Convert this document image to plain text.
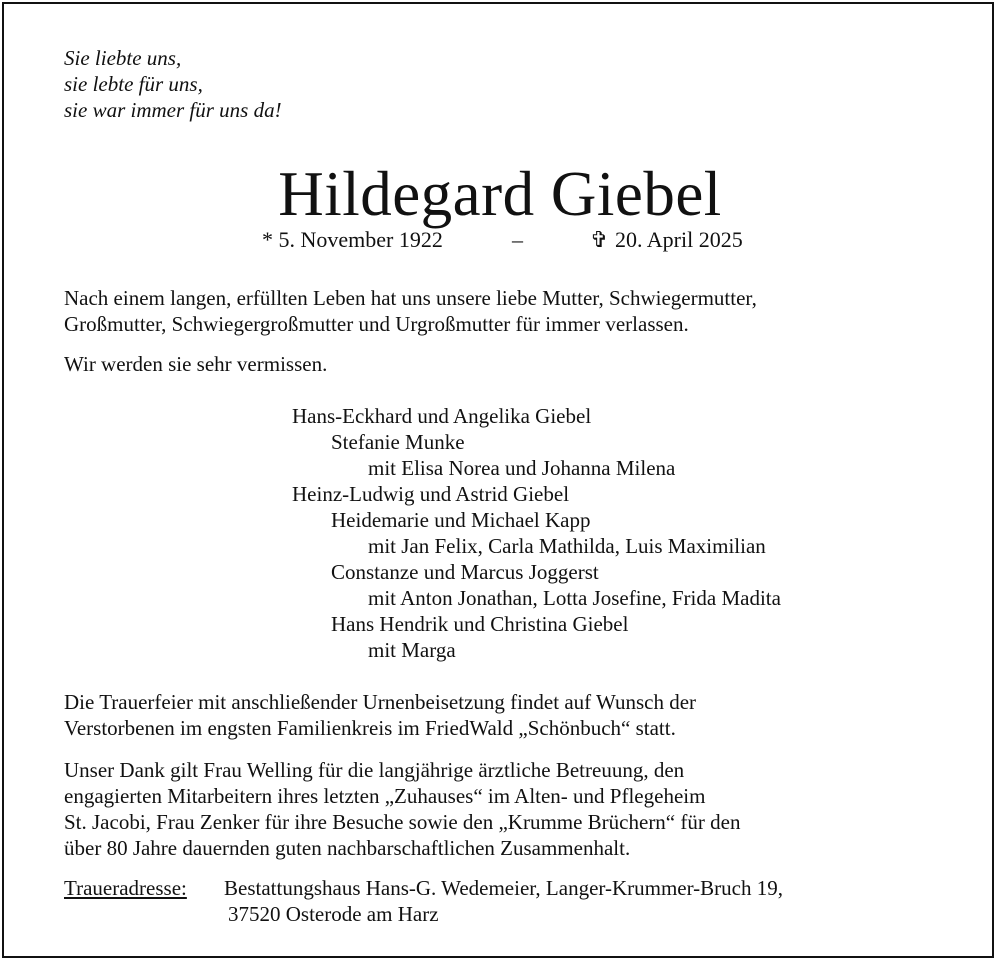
Sie liebte uns,
sie lebte für uns,
sie war immer für uns da!
Hildegard Giebel
* 5. November 1922	–	✞ 20. April 2025
Nach einem langen, erfüllten Leben hat uns unsere liebe Mutter, Schwiegermutter,
Großmutter, Schwiegergroßmutter und Urgroßmutter für immer verlassen.
Wir werden sie sehr vermissen.
Hans-Eckhard und Angelika Giebel
Stefanie Munke
mit Elisa Norea und Johanna Milena
Heinz-Ludwig und Astrid Giebel
Heidemarie und Michael Kapp
mit Jan Felix, Carla Mathilda, Luis Maximilian
Constanze und Marcus Joggerst
mit Anton Jonathan, Lotta Josefine, Frida Madita
Hans Hendrik und Christina Giebel
mit Marga
Die Trauerfeier mit anschließender Urnenbeisetzung findet auf Wunsch der
Verstorbenen im engsten Familienkreis im FriedWald „Schönbuch“ statt.
Unser Dank gilt Frau Welling für die langjährige ärztliche Betreuung, den
engagierten Mitarbeitern ihres letzten „Zuhauses“ im Alten- und Pflegeheim
St. Jacobi, Frau Zenker für ihre Besuche sowie den „Krumme Brüchern“ für den
über 80 Jahre dauernden guten nachbarschaftlichen Zusammenhalt.
Traueradresse: Bestattungshaus Hans-G. Wedemeier, Langer-Krummer-Bruch 19,
37520 Osterode am Harz
